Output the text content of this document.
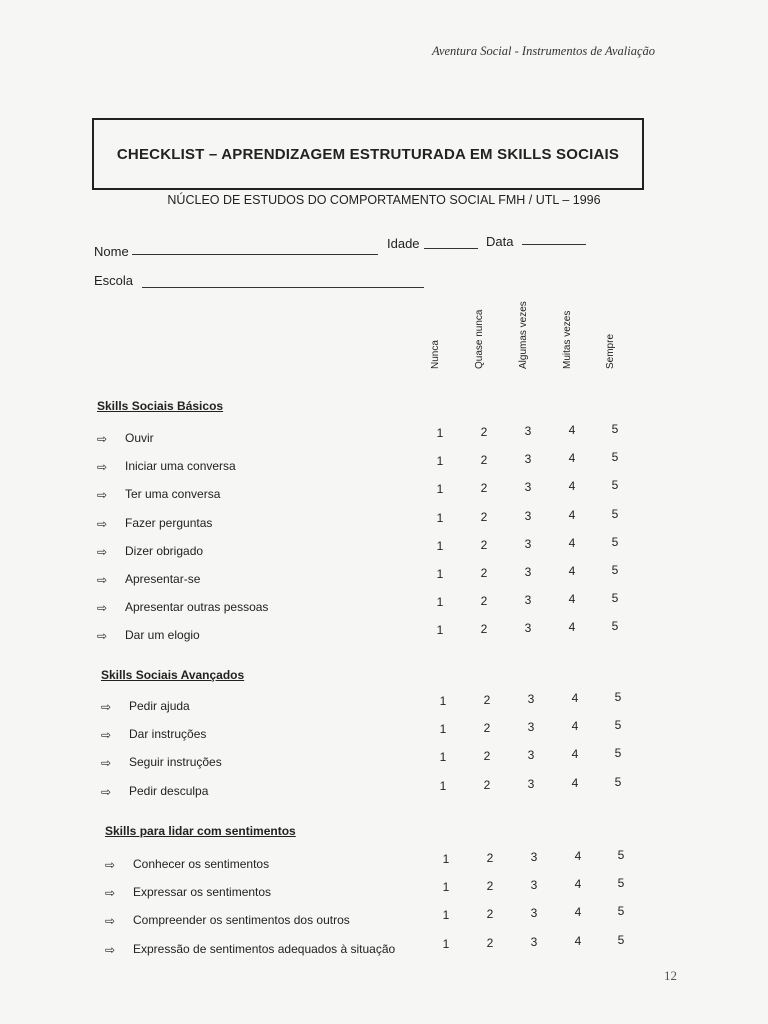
Aventura Social - Instrumentos de Avaliação
CHECKLIST – APRENDIZAGEM ESTRUTURADA EM SKILLS SOCIAIS
NÚCLEO DE ESTUDOS DO COMPORTAMENTO SOCIAL FMH / UTL – 1996
Nome
Idade	Data
Escola
Nunca	Quase nunca	Algumas vezes	Muitas vezes	Sempre
Skills Sociais Básicos
⇨ Ouvir	1	2	3	4	5
⇨ Iniciar uma conversa	1	2	3	4	5
⇨ Ter uma conversa	1	2	3	4	5
⇨ Fazer perguntas	1	2	3	4	5
⇨ Dizer obrigado	1	2	3	4	5
⇨ Apresentar-se	1	2	3	4	5
⇨ Apresentar outras pessoas	1	2	3	4	5
⇨ Dar um elogio	1	2	3	4	5
Skills Sociais Avançados
⇨ Pedir ajuda	1	2	3	4	5
⇨ Dar instruções	1	2	3	4	5
⇨ Seguir instruções	1	2	3	4	5
⇨ Pedir desculpa	1	2	3	4	5
Skills para lidar com sentimentos
⇨ Conhecer os sentimentos	1	2	3	4	5
⇨ Expressar os sentimentos	1	2	3	4	5
⇨ Compreender os sentimentos dos outros	1	2	3	4	5
⇨ Expressão de sentimentos adequados à situação	1	2	3	4	5
12
